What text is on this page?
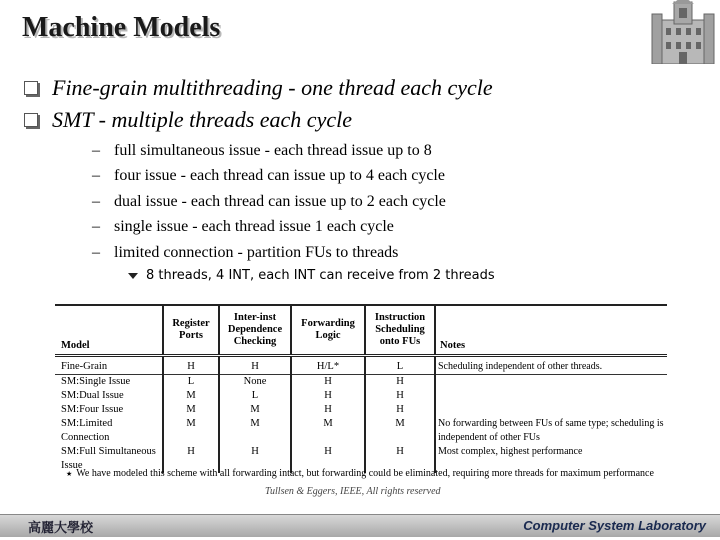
Machine Models
Fine-grain multithreading - one thread each cycle
SMT - multiple threads each cycle
– full simultaneous issue - each thread issue up to 8
– four issue - each thread can issue up to 4 each cycle
– dual issue - each thread can issue up to 2 each cycle
– single issue - each thread issue 1 each cycle
– limited connection - partition FUs to threads
8 threads, 4 INT, each INT can receive from 2 threads
Model	Register Ports	Inter-inst Dependence Checking	Forwarding Logic	Instruction Scheduling onto FUs	Notes
Fine-Grain	H	H	H/L*	L	Scheduling independent of other threads.
SM:Single Issue	L	None	H	H	
SM:Dual Issue	M	L	H	H	
SM:Four Issue	M	M	H	H	
SM:Limited Connection	M	M	M	M	No forwarding between FUs of same type; scheduling is independent of other FUs
SM:Full Simultaneous Issue	H	H	H	H	Most complex, highest performance
★ We have modeled this scheme with all forwarding intact, but forwarding could be eliminated, requiring more threads for maximum performance
Tullsen & Eggers, IEEE, All rights reserved
高麗大學校	Computer System Laboratory
